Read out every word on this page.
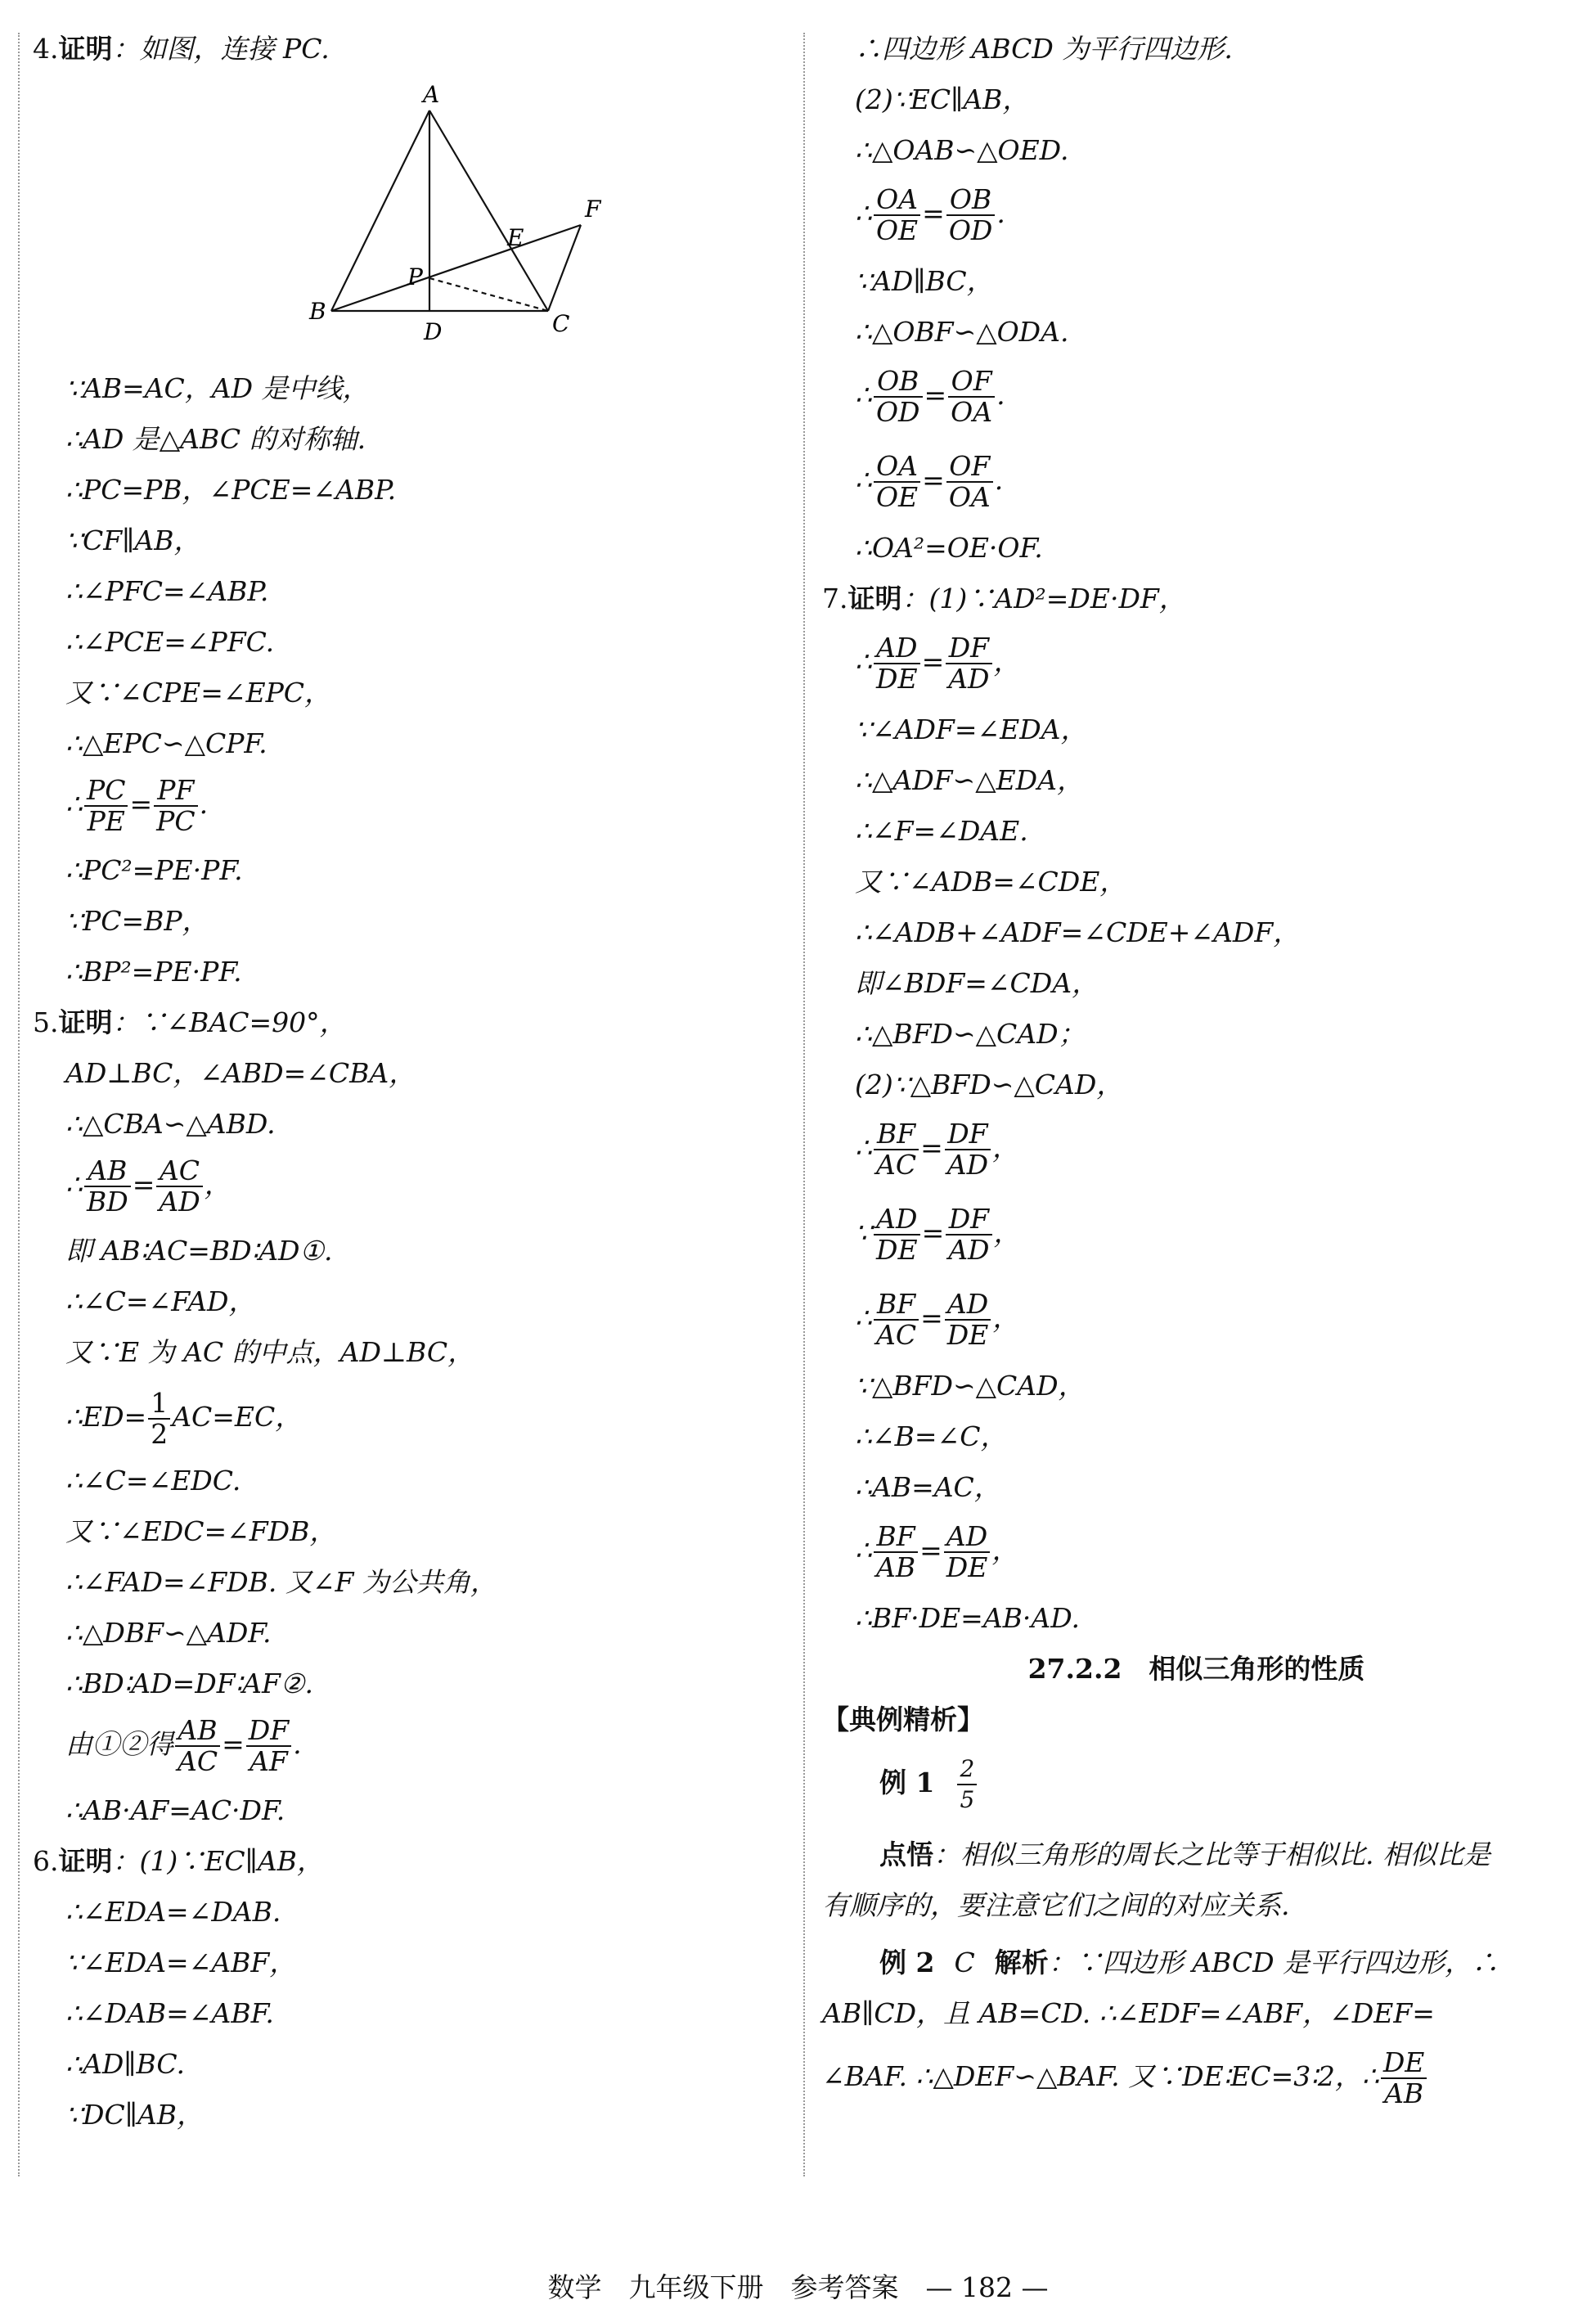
4.证明：如图，连接 PC.
A
B	C
D
E
F
P
∵AB=AC，AD 是中线，
∴AD 是△ABC 的对称轴.
∴PC=PB，∠PCE=∠ABP.
∵CF∥AB，
∴∠PFC=∠ABP.
∴∠PCE=∠PFC.
又∵∠CPE=∠EPC，
∴△EPC∽△CPF.
∴ $\frac{PC}{PE} = \frac{PF}{PC}$ .
∴PC²=PE·PF.
∵PC=BP，
∴BP²=PE·PF.
5.证明：∵∠BAC=90°，
AD⊥BC，∠ABD=∠CBA，
∴△CBA∽△ABD.
∴ $\frac{AB}{BD} = \frac{AC}{AD}$ ，
即 AB∶AC=BD∶AD①.
∴∠C=∠FAD，
又∵E 为 AC 的中点，AD⊥BC，
∴ED= $\frac{1}{2} AC=EC$，
∴∠C=∠EDC.
又∵∠EDC=∠FDB，
∴∠FAD=∠FDB. 又∠F 为公共角，
∴△DBF∽△ADF.
∴BD∶AD=DF∶AF②.
由①②得 $\frac{AB}{AC} = \frac{DF}{AF}$ .
∴AB·AF=AC·DF.
6.证明：(1)∵EC∥AB，
∴∠EDA=∠DAB.
∵∠EDA=∠ABF，
∴∠DAB=∠ABF.
∴AD∥BC.
∵DC∥AB，
∴四边形 ABCD 为平行四边形.
(2)∵EC∥AB，
∴△OAB∽△OED.
∴ $\frac{OA}{OE} = \frac{OB}{OD}$ .
∵AD∥BC，
∴△OBF∽△ODA.
∴ $\frac{OB}{OD} = \frac{OF}{OA}$ .
∴ $\frac{OA}{OE} = \frac{OF}{OA}$ .
∴OA²=OE·OF.
7.证明：(1)∵AD²=DE·DF，
∴ $\frac{AD}{DE} = \frac{DF}{AD}$ ，
∵∠ADF=∠EDA，
∴△ADF∽△EDA，
∴∠F=∠DAE.
又∵∠ADB=∠CDE，
∴∠ADB+∠ADF=∠CDE+∠ADF，
即∠BDF=∠CDA，
∴△BFD∽△CAD；
(2)∵△BFD∽△CAD，
∴ $\frac{BF}{AC} = \frac{DF}{AD}$ ，
∵ $\frac{AD}{DE} = \frac{DF}{AD}$ ，
∴ $\frac{BF}{AC} = \frac{AD}{DE}$ ，
∵△BFD∽△CAD，
∴∠B=∠C，
∴AB=AC，
∴ $\frac{BF}{AB} = \frac{AD}{DE}$ ，
∴BF·DE=AB·AD.
27.2.2　相似三角形的性质
【典例精析】
例 $1 \frac{2}{5}$
点悟：相似三角形的周长之比等于相似比. 相似比是
有顺序的，要注意它们之间的对应关系.
例 2 C 解析：∵四边形 ABCD 是平行四边形，∴
AB∥CD，且 AB=CD. ∴∠EDF=∠ABF，∠DEF=
∠BAF. ∴△DEF∽△BAF. 又∵DE∶EC=3∶2，∴ $\frac{DE}{AB}$
数学　九年级下册　参考答案　— 182 —
